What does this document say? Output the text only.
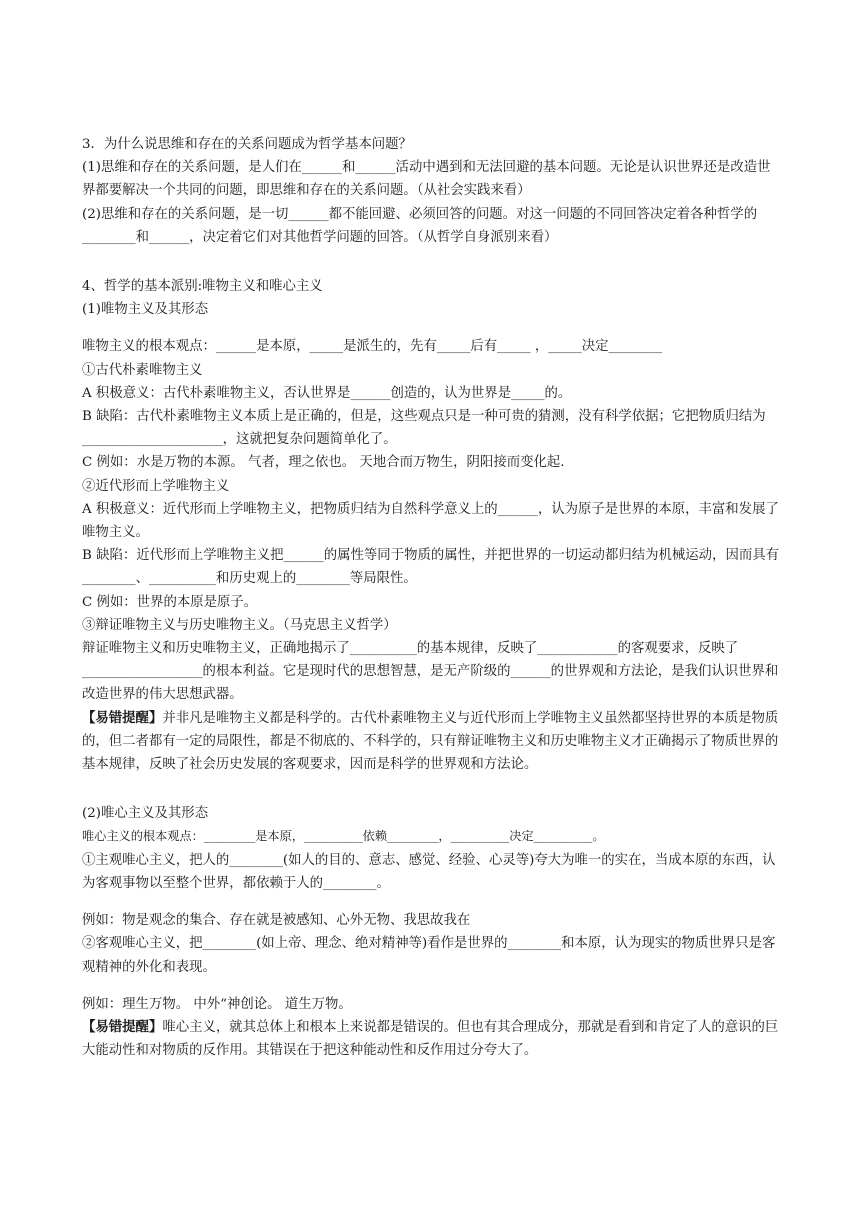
3．为什么说思维和存在的关系问题成为哲学基本问题？

(1)思维和存在的关系问题，是人们在______和______活动中遇到和无法回避的基本问题。无论是认识世界还是改造世界都要解决一个共同的问题，即思维和存在的关系问题。（从社会实践来看）

(2)思维和存在的关系问题，是一切______都不能回避、必须回答的问题。对这一问题的不同回答决定着各种哲学的________和______，决定着它们对其他哲学问题的回答。（从哲学自身派别来看）

4、哲学的基本派别:唯物主义和唯心主义

(1)唯物主义及其形态

唯物主义的根本观点：______是本原，_____是派生的，先有_____后有_____ ，_____决定________

①古代朴素唯物主义

A 积极意义：古代朴素唯物主义，否认世界是______创造的，认为世界是_____的。

B 缺陷：古代朴素唯物主义本质上是正确的，但是，这些观点只是一种可贵的猜测，没有科学依据；它把物质归结为_____________________，这就把复杂问题简单化了。

C 例如：水是万物的本源。 气者，理之依也。 天地合而万物生，阴阳接而变化起.

②近代形而上学唯物主义

A 积极意义：近代形而上学唯物主义，把物质归结为自然科学意义上的______，认为原子是世界的本原，丰富和发展了唯物主义。

B 缺陷：近代形而上学唯物主义把______的属性等同于物质的属性，并把世界的一切运动都归结为机械运动，因而具有________、__________和历史观上的________等局限性。

C 例如：世界的本原是原子。

③辩证唯物主义与历史唯物主义。（马克思主义哲学）

辩证唯物主义和历史唯物主义，正确地揭示了__________的基本规律，反映了____________的客观要求，反映了__________________的根本利益。它是现时代的思想智慧，是无产阶级的______的世界观和方法论，是我们认识世界和改造世界的伟大思想武器。

【易错提醒】并非凡是唯物主义都是科学的。古代朴素唯物主义与近代形而上学唯物主义虽然都坚持世界的本质是物质的，但二者都有一定的局限性，都是不彻底的、不科学的，只有辩证唯物主义和历史唯物主义才正确揭示了物质世界的基本规律，反映了社会历史发展的客观要求，因而是科学的世界观和方法论。

(2)唯心主义及其形态

唯心主义的根本观点：_______是本原，________依赖_______，________决定________。

①主观唯心主义，把人的________(如人的目的、意志、感觉、经验、心灵等)夸大为唯一的实在，当成本原的东西，认为客观事物以至整个世界，都依赖于人的________。

例如：物是观念的集合、存在就是被感知、心外无物、我思故我在

②客观唯心主义，把________(如上帝、理念、绝对精神等)看作是世界的________和本原，认为现实的物质世界只是客观精神的外化和表现。

例如：理生万物。 中外“神创论。 道生万物。

【易错提醒】唯心主义，就其总体上和根本上来说都是错误的。但也有其合理成分，那就是看到和肯定了人的意识的巨大能动性和对物质的反作用。其错误在于把这种能动性和反作用过分夸大了。
